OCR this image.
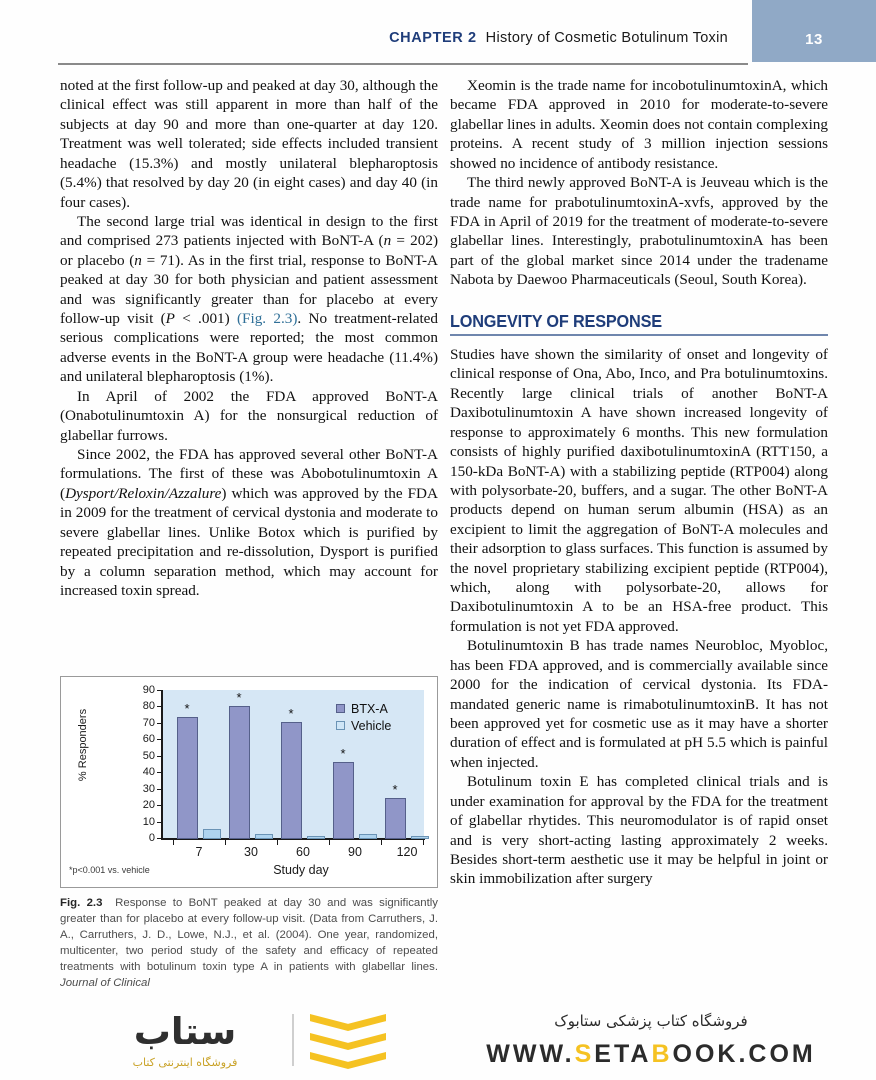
13
CHAPTER 2 History of Cosmetic Botulinum Toxin

noted at the first follow-up and peaked at day 30, although the clinical effect was still apparent in more than half of the subjects at day 90 and more than one-quarter at day 120. Treatment was well tolerated; side effects included transient headache (15.3%) and mostly unilateral blepharoptosis (5.4%) that resolved by day 20 (in eight cases) and day 40 (in four cases).

The second large trial was identical in design to the first and comprised 273 patients injected with BoNT-A (n = 202) or placebo (n = 71). As in the first trial, response to BoNT-A peaked at day 30 for both physician and patient assessment and was significantly greater than for placebo at every follow-up visit (P < .001) (Fig. 2.3). No treatment-related serious complications were reported; the most common adverse events in the BoNT-A group were headache (11.4%) and unilateral blepharoptosis (1%).

In April of 2002 the FDA approved BoNT-A (Onabotulinumtoxin A) for the nonsurgical reduction of glabellar furrows.

Since 2002, the FDA has approved several other BoNT-A formulations. The first of these was Abobotulinumtoxin A (Dysport/Reloxin/Azzalure) which was approved by the FDA in 2009 for the treatment of cervical dystonia and moderate to severe glabellar lines. Unlike Botox which is purified by repeated precipitation and re-dissolution, Dysport is purified by a column separation method, which may account for increased toxin spread.

Xeomin is the trade name for incobotulinumtoxinA, which became FDA approved in 2010 for moderate-to-severe glabellar lines in adults. Xeomin does not contain complexing proteins. A recent study of 3 million injection sessions showed no incidence of antibody resistance.

The third newly approved BoNT-A is Jeuveau which is the trade name for prabotulinumtoxinA-xvfs, approved by the FDA in April of 2019 for the treatment of moderate-to-severe glabellar lines. Interestingly, prabotulinumtoxinA has been part of the global market since 2014 under the tradename Nabota by Daewoo Pharmaceuticals (Seoul, South Korea).

LONGEVITY OF RESPONSE

Studies have shown the similarity of onset and longevity of clinical response of Ona, Abo, Inco, and Pra botulinumtoxins. Recently large clinical trials of another BoNT-A Daxibotulinumtoxin A have shown increased longevity of response to approximately 6 months. This new formulation consists of highly purified daxibotulinumtoxinA (RTT150, a 150-kDa BoNT-A) with a stabilizing peptide (RTP004) along with polysorbate-20, buffers, and a sugar. The other BoNT-A products depend on human serum albumin (HSA) as an excipient to limit the aggregation of BoNT-A molecules and their adsorption to glass surfaces. This function is assumed by the novel proprietary stabilizing excipient peptide (RTP004), which, along with polysorbate-20, allows for Daxibotulinumtoxin A to be an HSA-free product. This formulation is not yet FDA approved.

Botulinumtoxin B has trade names Neurobloc, Myobloc, has been FDA approved, and is commercially available since 2000 for the indication of cervical dystonia. Its FDA-mandated generic name is rimabotulinumtoxinB. It has not been approved yet for cosmetic use as it may have a shorter duration of effect and is formulated at pH 5.5 which is painful when injected.

Botulinum toxin E has completed clinical trials and is under examination for approval by the FDA for the treatment of glabellar rhytides. This neuromodulator is of rapid onset and is very short-acting lasting approximately 2 weeks. Besides short-term aesthetic use it may be helpful in joint or skin immobilization after surgery

% Responders
90
80
70
60
50
40
30
20
10
0
*
*
*
*
*
7	30	60	90	120
Study day
*p<0.001 vs. vehicle
BTX-A
Vehicle
Fig. 2.3 Response to BoNT peaked at day 30 and was significantly greater than for placebo at every follow-up visit. (Data from Carruthers, J. A., Carruthers, J. D., Lowe, N.J., et al. (2004). One year, randomized, multicenter, two period study of the safety and efficacy of repeated treatments with botulinum toxin type A in patients with glabellar lines. Journal of Clinical
ستاب
فروشگاه اینترنتی کتاب
فروشگاه کتاب پزشکی ستابوک
WWW.SETABOOK.COM
